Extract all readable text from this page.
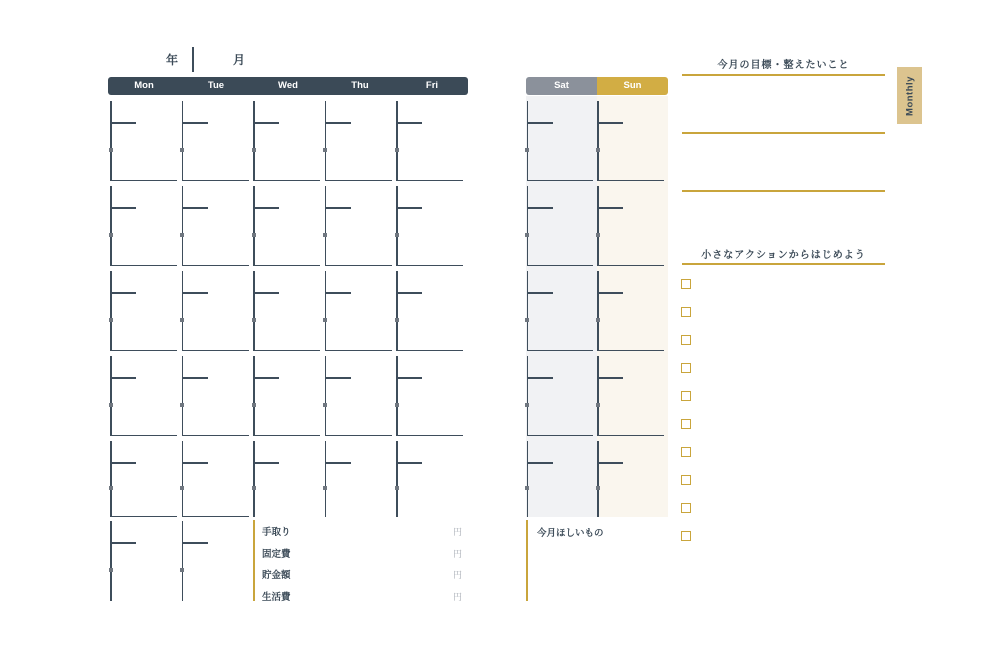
年	月
Mon	Tue	Wed	Thu	Fri	Sat	Sun
今月の目標・整えたいこと
小さなアクションからはじめよう
Monthly
手取り	円
固定費	円
貯金額	円
生活費	円
今月ほしいもの
